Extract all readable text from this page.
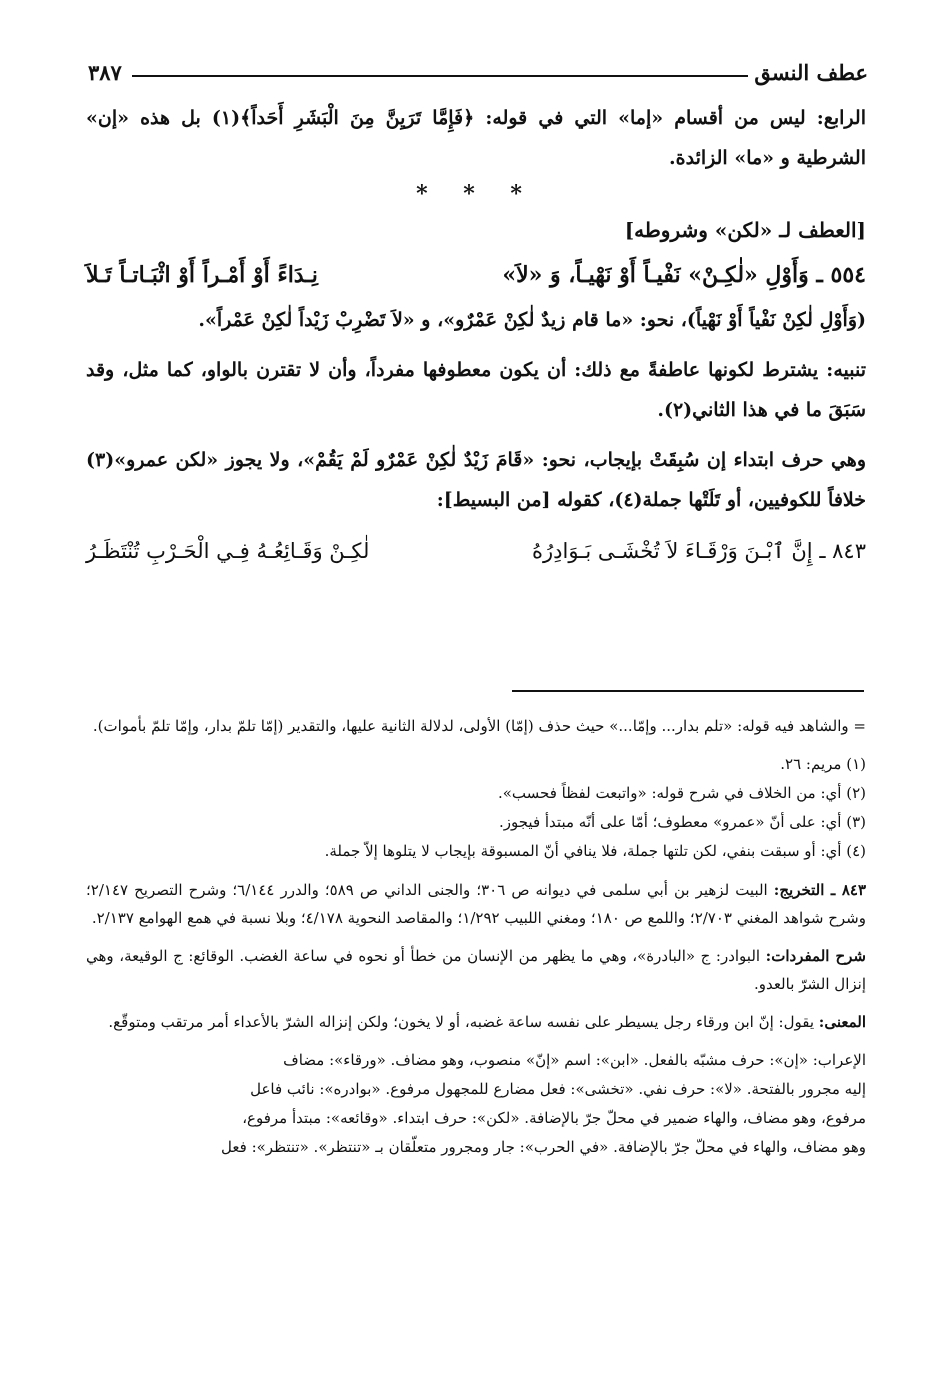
عطف النسق
٣٨٧

الرابع: ليس من أقسام «إما» التي في قوله: ﴿فَإِمَّا تَرَيِنَّ مِنَ الْبَشَرِ أَحَداً﴾(١) بل هذه «إن» الشرطية و «ما» الزائدة.

* * *
[العطف لـ «لكن» وشروطه]
٥٥٤ ـ وَأَوْلِ «لٰكِـنْ» نَفْيـاً أَوْ نَهْيـاً، وَ «لاَ»
نِـدَاءً أَوْ أَمْـراً أَوْ اثْبَـاتـاً تَـلاَ

(وَأَوْلِ لٰكِنْ نَفْياً أَوْ نَهْياً)، نحو: «ما قام زيدٌ لٰكِنْ عَمْرٌو»، و «لاَ تَضْرِبْ زَيْداً لٰكِنْ عَمْراً».

تنبيه: يشترط لكونها عاطفةً مع ذلك: أن يكون معطوفها مفرداً، وأن لا تقترن بالواو، كما مثل، وقد سَبَقَ ما في هذا الثاني(٢).

وهي حرف ابتداء إن سُبِقَتْ بإيجاب، نحو: «قَامَ زَيْدٌ لٰكِنْ عَمْرٌو لَمْ يَقُمْ»، ولا يجوز «لكن عمرو»(٣) خلافاً للكوفيين، أو تَلَتْها جملة(٤)، كقوله [من البسيط]:

٨٤٣ ـ إِنَّ ٱبْـنَ وَرْقَـاءَ لاَ تُخْشَـى بَـوَادِرُهُ
لٰكِـنْ وَقَـائِعُـهُ فِـي الْحَـرْبِ تُنْتَظَـرُ

= والشاهد فيه قوله: «تلم بدار... وإمّا...» حيث حذف (إمّا) الأولى، لدلالة الثانية عليها، والتقدير (إمّا تلمّ بدار، وإمّا تلمّ بأموات).

(١) مريم: ٢٦.

(٢) أي: من الخلاف في شرح قوله: «واتبعت لفظاً فحسب».

(٣) أي: على أنّ «عمرو» معطوف؛ أمّا على أنّه مبتدأ فيجوز.

(٤) أي: أو سبقت بنفي، لكن تلتها جملة، فلا ينافي أنّ المسبوقة بإيجاب لا يتلوها إلاّ جملة.

٨٤٣ ـ التخريج: البيت لزهير بن أبي سلمى في ديوانه ص ٣٠٦؛ والجنى الداني ص ٥٨٩؛ والدرر ٦/١٤٤؛ وشرح التصريح ٢/١٤٧؛ وشرح شواهد المغني ٢/٧٠٣؛ واللمع ص ١٨٠؛ ومغني اللبيب ١/٢٩٢؛ والمقاصد النحوية ٤/١٧٨؛ وبلا نسبة في همع الهوامع ٢/١٣٧.

شرح المفردات: البوادر: ج «البادرة»، وهي ما يظهر من الإنسان من خطأ أو نحوه في ساعة الغضب. الوقائع: ج الوقيعة، وهي إنزال الشرّ بالعدو.

المعنى: يقول: إنّ ابن ورقاء رجل يسيطر على نفسه ساعة غضبه، أو لا يخون؛ ولكن إنزاله الشرّ بالأعداء أمر مرتقب ومتوقّع.

الإعراب: «إن»: حرف مشبّه بالفعل. «ابن»: اسم «إنّ» منصوب، وهو مضاف. «ورقاء»: مضاف

إليه مجرور بالفتحة. «لا»: حرف نفي. «تخشى»: فعل مضارع للمجهول مرفوع. «بوادره»: نائب فاعل

مرفوع، وهو مضاف، والهاء ضمير في محلّ جرّ بالإضافة. «لكن»: حرف ابتداء. «وقائعه»: مبتدأ مرفوع،

وهو مضاف، والهاء في محلّ جرّ بالإضافة. «في الحرب»: جار ومجرور متعلّقان بـ «تنتظر». «تنتظر»: فعل
